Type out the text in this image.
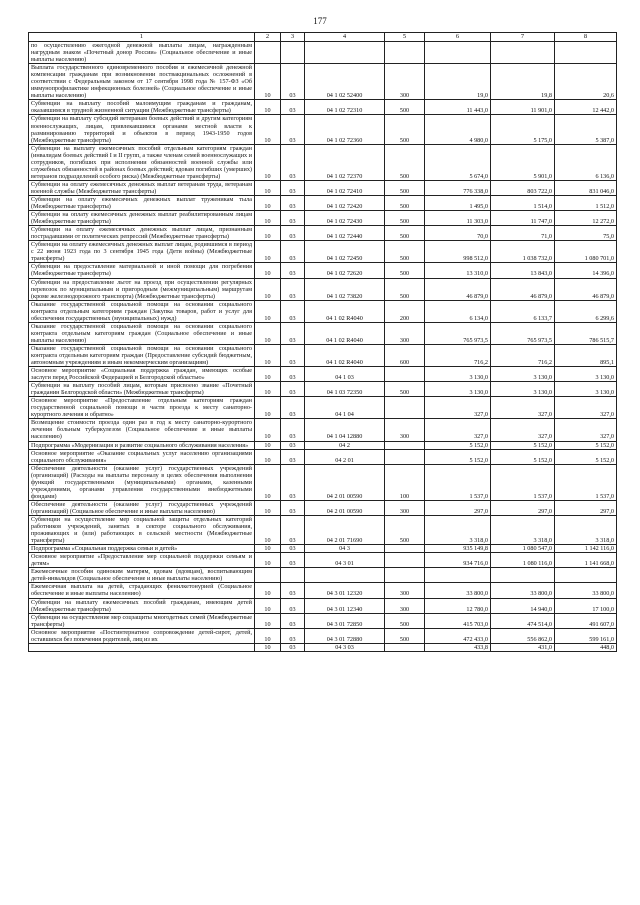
177
1	2	3	4	5	6	7	8
по осуществлению ежегодной денежной выплаты лицам, награжденным нагрудным знаком «Почетный донор России» (Социальное обеспечение и иные выплаты населению)							
Выплата государственного единовременного пособия и ежемесячной денежной компенсации гражданам при возникновении поствакцинальных осложнений в соответствии с Федеральным законом от 17 сентября 1998 года № 157-ФЗ «Об иммунопрофилактике инфекционных болезней» (Социальное обеспечение и иные выплаты населению)	10	03	04 1 02 52400	300	19,0	19,8	20,6
Субвенции на выплату пособий малоимущим гражданам и гражданам, оказавшимся в трудной жизненной ситуации (Межбюджетные трансферты)	10	03	04 1 02 72310	500	11 443,0	11 901,0	12 442,0
Субвенции на выплату субсидий ветеранам боевых действий и другим категориям военнослужащих, лицам, привлекавшимся органами местной власти к разминированию территорий и объектов в период 1943-1950 годов (Межбюджетные трансферты)	10	03	04 1 02 72360	500	4 980,0	5 175,0	5 387,0
Субвенции на выплату ежемесячных пособий отдельным категориям граждан (инвалидам боевых действий I и II групп, а также членам семей военнослужащих и сотрудников, погибших при исполнении обязанностей военной службы или служебных обязанностей в районах боевых действий; вдовам погибших (умерших) ветеранов подразделений особого риска) (Межбюджетные трансферты)	10	03	04 1 02 72370	500	5 674,0	5 901,0	6 136,0
Субвенции на оплату ежемесячных денежных выплат ветеранам труда, ветеранам военной службы (Межбюджетные трансферты)	10	03	04 1 02 72410	500	776 338,0	803 722,0	831 046,0
Субвенции на оплату ежемесячных денежных выплат труженикам тыла (Межбюджетные трансферты)	10	03	04 1 02 72420	500	1 495,0	1 514,0	1 512,0
Субвенции на оплату ежемесячных денежных выплат реабилитированным лицам (Межбюджетные трансферты)	10	03	04 1 02 72430	500	11 303,0	11 747,0	12 272,0
Субвенции на оплату ежемесячных денежных выплат лицам, признанным пострадавшими от политических репрессий (Межбюджетные трансферты)	10	03	04 1 02 72440	500	70,0	71,0	75,0
Субвенции на оплату ежемесячных денежных выплат лицам, родившимся в период с 22 июня 1923 года по 3 сентября 1945 года (Дети войны) (Межбюджетные трансферты)	10	03	04 1 02 72450	500	998 512,0	1 038 732,0	1 080 701,0
Субвенции на предоставление материальной и иной помощи для погребения (Межбюджетные трансферты)	10	03	04 1 02 72620	500	13 310,0	13 843,0	14 396,0
Субвенции на предоставление льгот на проезд при осуществлении регулярных перевозок по муниципальным и пригородным (межмуниципальным) маршрутам (кроме железнодорожного транспорта) (Межбюджетные трансферты)	10	03	04 1 02 73820	500	46 879,0	46 879,0	46 879,0
Оказание государственной социальной помощи на основании социального контракта отдельным категориям граждан (Закупка товаров, работ и услуг для обеспечения государственных (муниципальных) нужд)	10	03	04 1 02 R4040	200	6 134,0	6 133,7	6 299,6
Оказание государственной социальной помощи на основании социального контракта отдельным категориям граждан (Социальное обеспечение и иные выплаты населению)	10	03	04 1 02 R4040	300	765 973,5	765 973,5	786 515,7
Оказание государственной социальной помощи на основании социального контракта отдельным категориям граждан (Предоставление субсидий бюджетным, автономным учреждениям и иным некоммерческим организациям)	10	03	04 1 02 R4040	600	716,2	716,2	895,1
Основное мероприятие «Социальная поддержка граждан, имеющих особые заслуги перед Российской Федерацией и Белгородской областью»	10	03	04 1 03		3 130,0	3 130,0	3 130,0
Субвенции на выплату пособий лицам, которым присвоено звание «Почетный гражданин Белгородской области» (Межбюджетные трансферты)	10	03	04 1 03 72350	500	3 130,0	3 130,0	3 130,0
Основное мероприятие «Предоставление отдельным категориям граждан государственной социальной помощи в части проезда к месту санаторно-курортного лечения и обратно»	10	03	04 1 04		327,0	327,0	327,0
Возмещение стоимости проезда один раз в год к месту санаторно-курортного лечения больным туберкулезом (Социальное обеспечение и иные выплаты населению)	10	03	04 1 04 12880	300	327,0	327,0	327,0
Подпрограмма «Модернизация и развитие социального обслуживания населения»	10	03	04 2		5 152,0	5 152,0	5 152,0
Основное мероприятие «Оказание социальных услуг населению организациями социального обслуживания»	10	03	04 2 01		5 152,0	5 152,0	5 152,0
Обеспечение деятельности (оказание услуг) государственных учреждений (организаций) (Расходы на выплаты персоналу в целях обеспечения выполнения функций государственными (муниципальными) органами, казенными учреждениями, органами управления государственными внебюджетными фондами)	10	03	04 2 01 00590	100	1 537,0	1 537,0	1 537,0
Обеспечение деятельности (оказание услуг) государственных учреждений (организаций) (Социальное обеспечение и иные выплаты населению)	10	03	04 2 01 00590	300	297,0	297,0	297,0
Субвенции на осуществление мер социальной защиты отдельных категорий работников учреждений, занятых в секторе социального обслуживания, проживающих и (или) работающих в сельской местности (Межбюджетные трансферты)	10	03	04 2 01 71690	500	3 318,0	3 318,0	3 318,0
Подпрограмма «Социальная поддержка семьи и детей»	10	03	04 3		935 149,8	1 080 547,0	1 142 116,0
Основное мероприятие «Предоставление мер социальной поддержки семьям и детям»	10	03	04 3 01		934 716,0	1 080 116,0	1 141 668,0
Ежемесячные пособия одиноким матерям, вдовам (вдовцам), воспитывающим детей-инвалидов (Социальное обеспечение и иные выплаты населению)							
Ежемесячная выплата на детей, страдающих фенилкетонурией (Социальное обеспечение и иные выплаты населению)	10	03	04 3 01 12320	300	33 800,0	33 800,0	33 800,0
Субвенции на выплату ежемесячных пособий гражданам, имеющим детей (Межбюджетные трансферты)	10	03	04 3 01 12340	300	12 780,0	14 940,0	17 100,0
Субвенции на осуществление мер соцзащиты многодетных семей (Межбюджетные трансферты)	10	03	04 3 01 72850	500	415 703,0	474 514,0	491 607,0
Основное мероприятие «Постинтернатное сопровождение детей-сирот, детей, оставшихся без попечения родителей, лиц из их	10	03	04 3 01 72880	500	472 433,0	556 862,0	599 161,0
	10	03	04 3 03		433,8	431,0	448,0
